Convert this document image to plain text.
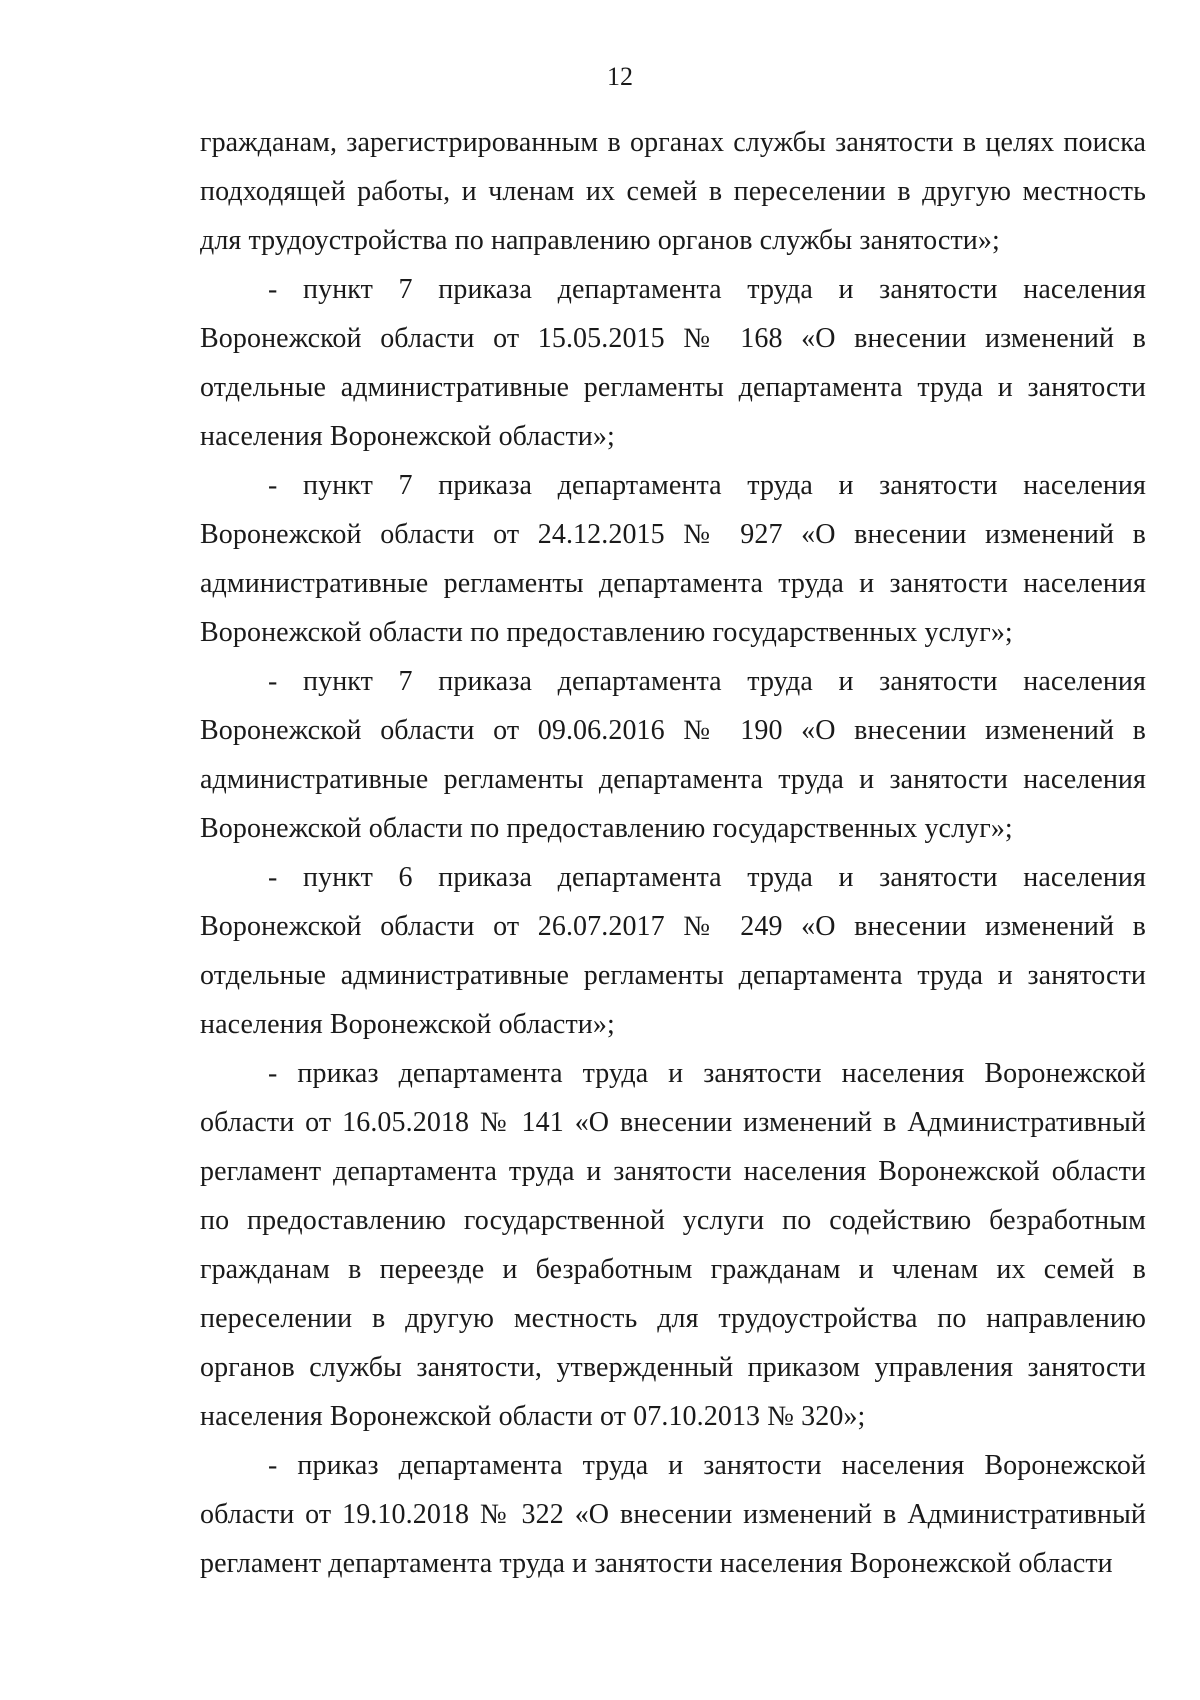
12

гражданам, зарегистрированным в органах службы занятости в целях поиска подходящей работы, и членам их семей в переселении в другую местность для трудоустройства по направлению органов службы занятости»;

- пункт 7 приказа департамента труда и занятости населения Воронежской области от 15.05.2015 № 168 «О внесении изменений в отдельные административные регламенты департамента труда и занятости населения Воронежской области»;

- пункт 7 приказа департамента труда и занятости населения Воронежской области от 24.12.2015 № 927 «О внесении изменений в административные регламенты департамента труда и занятости населения Воронежской области по предоставлению государственных услуг»;

- пункт 7 приказа департамента труда и занятости населения Воронежской области от 09.06.2016 № 190 «О внесении изменений в административные регламенты департамента труда и занятости населения Воронежской области по предоставлению государственных услуг»;

- пункт 6 приказа департамента труда и занятости населения Воронежской области от 26.07.2017 № 249 «О внесении изменений в отдельные административные регламенты департамента труда и занятости населения Воронежской области»;

- приказ департамента труда и занятости населения Воронежской области от 16.05.2018 № 141 «О внесении изменений в Административный регламент департамента труда и занятости населения Воронежской области по предоставлению государственной услуги по содействию безработным гражданам в переезде и безработным гражданам и членам их семей в переселении в другую местность для трудоустройства по направлению органов службы занятости, утвержденный приказом управления занятости населения Воронежской области от 07.10.2013 № 320»;

- приказ департамента труда и занятости населения Воронежской области от 19.10.2018 № 322 «О внесении изменений в Административный регламент департамента труда и занятости населения Воронежской области
